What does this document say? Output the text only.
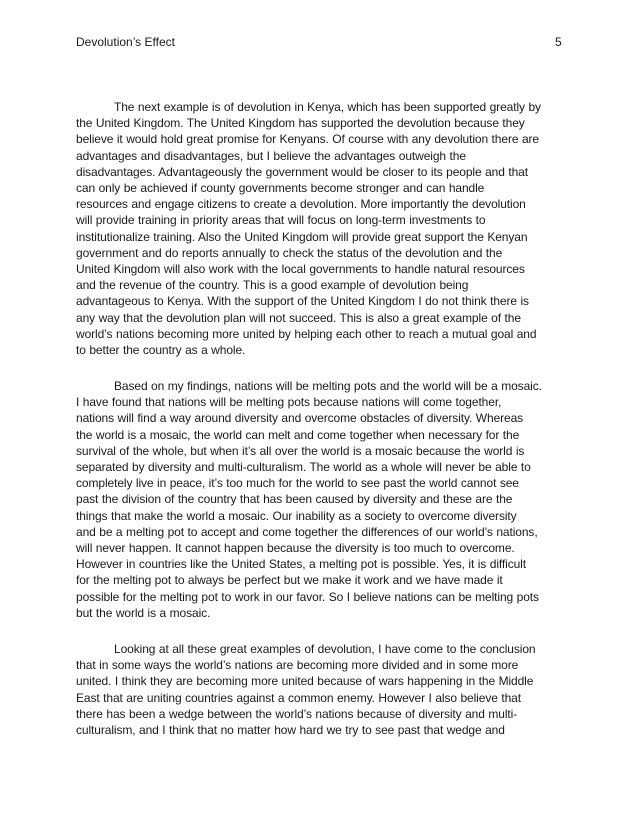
Devolution’s Effect	5
The next example is of devolution in Kenya, which has been supported greatly by
the United Kingdom. The United Kingdom has supported the devolution because they
believe it would hold great promise for Kenyans. Of course with any devolution there are
advantages and disadvantages, but I believe the advantages outweigh the
disadvantages. Advantageously the government would be closer to its people and that
can only be achieved if county governments become stronger and can handle
resources and engage citizens to create a devolution. More importantly the devolution
will provide training in priority areas that will focus on long-term investments to
institutionalize training. Also the United Kingdom will provide great support the Kenyan
government and do reports annually to check the status of the devolution and the
United Kingdom will also work with the local governments to handle natural resources
and the revenue of the country. This is a good example of devolution being
advantageous to Kenya. With the support of the United Kingdom I do not think there is
any way that the devolution plan will not succeed. This is also a great example of the
world’s nations becoming more united by helping each other to reach a mutual goal and
to better the country as a whole.
Based on my findings, nations will be melting pots and the world will be a mosaic.
I have found that nations will be melting pots because nations will come together,
nations will find a way around diversity and overcome obstacles of diversity. Whereas
the world is a mosaic, the world can melt and come together when necessary for the
survival of the whole, but when it’s all over the world is a mosaic because the world is
separated by diversity and multi-culturalism. The world as a whole will never be able to
completely live in peace, it’s too much for the world to see past the world cannot see
past the division of the country that has been caused by diversity and these are the
things that make the world a mosaic. Our inability as a society to overcome diversity
and be a melting pot to accept and come together the differences of our world’s nations,
will never happen. It cannot happen because the diversity is too much to overcome.
However in countries like the United States, a melting pot is possible. Yes, it is difficult
for the melting pot to always be perfect but we make it work and we have made it
possible for the melting pot to work in our favor. So I believe nations can be melting pots
but the world is a mosaic.
Looking at all these great examples of devolution, I have come to the conclusion
that in some ways the world’s nations are becoming more divided and in some more
united. I think they are becoming more united because of wars happening in the Middle
East that are uniting countries against a common enemy. However I also believe that
there has been a wedge between the world’s nations because of diversity and multi-
culturalism, and I think that no matter how hard we try to see past that wedge and
